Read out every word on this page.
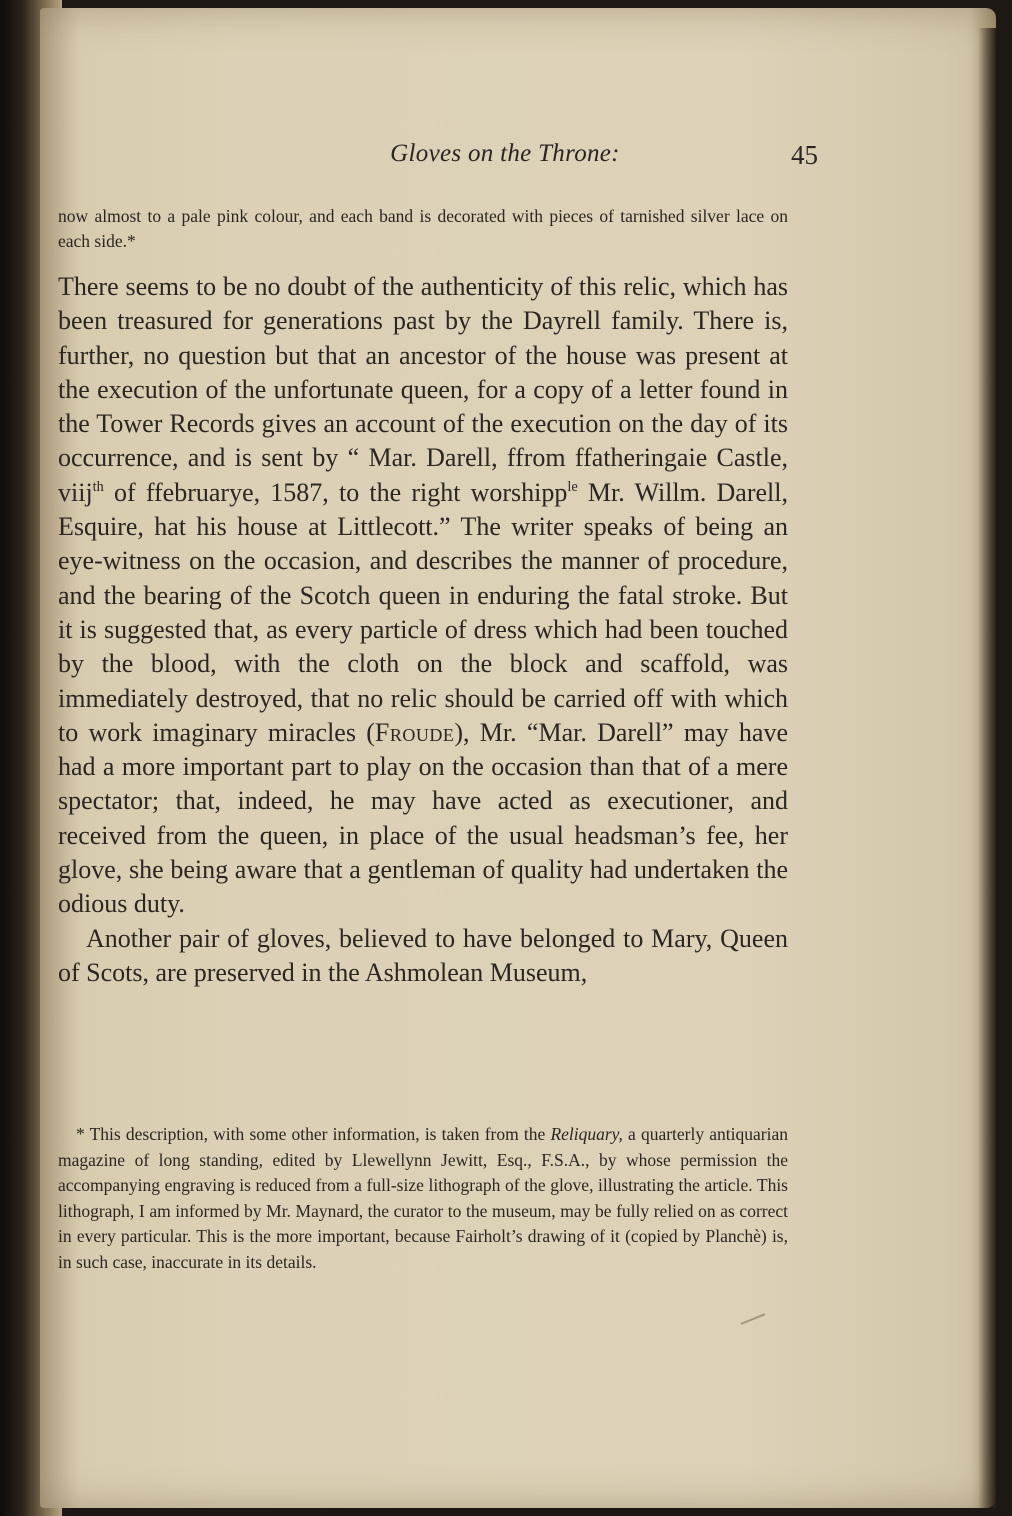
Gloves on the Throne:	45
now almost to a pale pink colour, and each band is decorated with pieces of tarnished silver lace on each side.*

There seems to be no doubt of the authenticity of this relic, which has been treasured for generations past by the Dayrell family. There is, further, no question but that an ancestor of the house was present at the execution of the unfortunate queen, for a copy of a letter found in the Tower Records gives an account of the execution on the day of its occurrence, and is sent by “ Mar. Darell, ffrom ffatheringaie Castle, viij$^{th}$ of ffebruarye, 1587, to the right worshipp$^{le}$ Mr. Willm. Darell, Esquire, hat his house at Littlecott.” The writer speaks of being an eye-witness on the occasion, and describes the manner of procedure, and the bearing of the Scotch queen in enduring the fatal stroke. But it is suggested that, as every particle of dress which had been touched by the blood, with the cloth on the block and scaffold, was immediately destroyed, that no relic should be carried off with which to work imaginary miracles (Froude), Mr. “Mar. Darell” may have had a more important part to play on the occasion than that of a mere spectator; that, indeed, he may have acted as executioner, and received from the queen, in place of the usual headsman’s fee, her glove, she being aware that a gentleman of quality had undertaken the odious duty.

Another pair of gloves, believed to have belonged to Mary, Queen of Scots, are preserved in the Ashmolean Museum,

* This description, with some other information, is taken from the Reliquary, a quarterly antiquarian magazine of long standing, edited by Llewellynn Jewitt, Esq., F.S.A., by whose permission the accompanying engraving is reduced from a full-size lithograph of the glove, illustrating the article. This lithograph, I am informed by Mr. Maynard, the curator to the museum, may be fully relied on as correct in every particular. This is the more important, because Fairholt’s drawing of it (copied by Planchè) is, in such case, inaccurate in its details.
